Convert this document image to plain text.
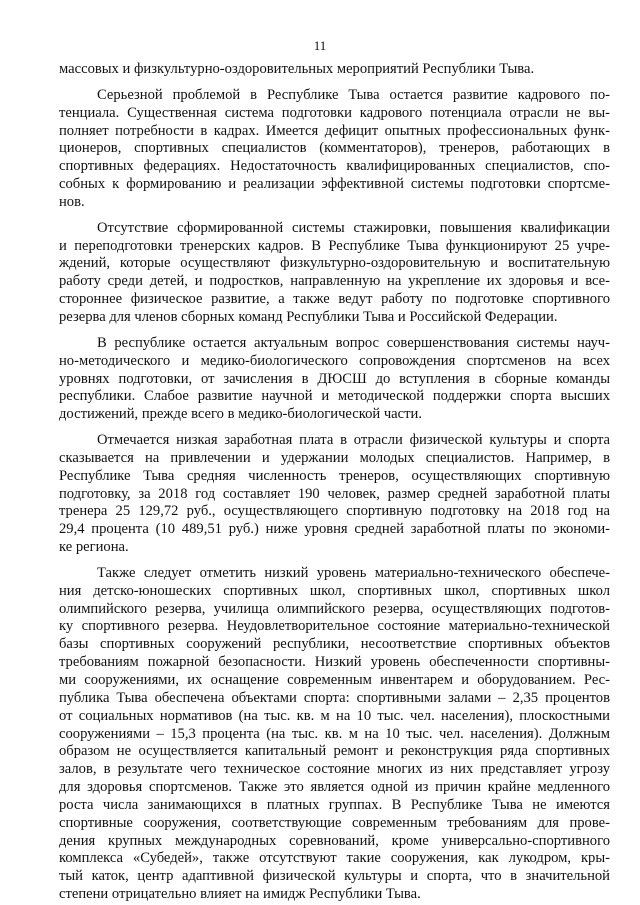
11
массовых и физкультурно-оздоровительных мероприятий Республики Тыва.
Серьезной проблемой в Республике Тыва остается развитие кадрового по-
тенциала. Существенная система подготовки кадрового потенциала отрасли не вы-
полняет потребности в кадрах. Имеется дефицит опытных профессиональных функ-
ционеров, спортивных специалистов (комментаторов), тренеров, работающих в
спортивных федерациях. Недостаточность квалифицированных специалистов, спо-
собных к формированию и реализации эффективной системы подготовки спортсме-
нов.
Отсутствие сформированной системы стажировки, повышения квалификации
и переподготовки тренерских кадров. В Республике Тыва функционируют 25 учре-
ждений, которые осуществляют физкультурно-оздоровительную и воспитательную
работу среди детей, и подростков, направленную на укрепление их здоровья и все-
стороннее физическое развитие, а также ведут работу по подготовке спортивного
резерва для членов сборных команд Республики Тыва и Российской Федерации.
В республике остается актуальным вопрос совершенствования системы науч-
но-методического и медико-биологического сопровождения спортсменов на всех
уровнях подготовки, от зачисления в ДЮСШ до вступления в сборные команды
республики. Слабое развитие научной и методической поддержки спорта высших
достижений, прежде всего в медико-биологической части.
Отмечается низкая заработная плата в отрасли физической культуры и спорта
сказывается на привлечении и удержании молодых специалистов. Например, в
Республике Тыва средняя численность тренеров, осуществляющих спортивную
подготовку, за 2018 год составляет 190 человек, размер средней заработной платы
тренера 25 129,72 руб., осуществляющего спортивную подготовку на 2018 год на
29,4 процента (10 489,51 руб.) ниже уровня средней заработной платы по экономи-
ке региона.
Также следует отметить низкий уровень материально-технического обеспече-
ния детско-юношеских спортивных школ, спортивных школ, спортивных школ
олимпийского резерва, училища олимпийского резерва, осуществляющих подготов-
ку спортивного резерва. Неудовлетворительное состояние материально-технической
базы спортивных сооружений республики, несоответствие спортивных объектов
требованиям пожарной безопасности. Низкий уровень обеспеченности спортивны-
ми сооружениями, их оснащение современным инвентарем и оборудованием. Рес-
публика Тыва обеспечена объектами спорта: спортивными залами – 2,35 процентов
от социальных нормативов (на тыс. кв. м на 10 тыс. чел. населения), плоскостными
сооружениями – 15,3 процента (на тыс. кв. м на 10 тыс. чел. населения). Должным
образом не осуществляется капитальный ремонт и реконструкция ряда спортивных
залов, в результате чего техническое состояние многих из них представляет угрозу
для здоровья спортсменов. Также это является одной из причин крайне медленного
роста числа занимающихся в платных группах. В Республике Тыва не имеются
спортивные сооружения, соответствующие современным требованиям для прове-
дения крупных международных соревнований, кроме универсально-спортивного
комплекса «Субедей», также отсутствуют такие сооружения, как лукодром, кры-
тый каток, центр адаптивной физической культуры и спорта, что в значительной
степени отрицательно влияет на имидж Республики Тыва.
